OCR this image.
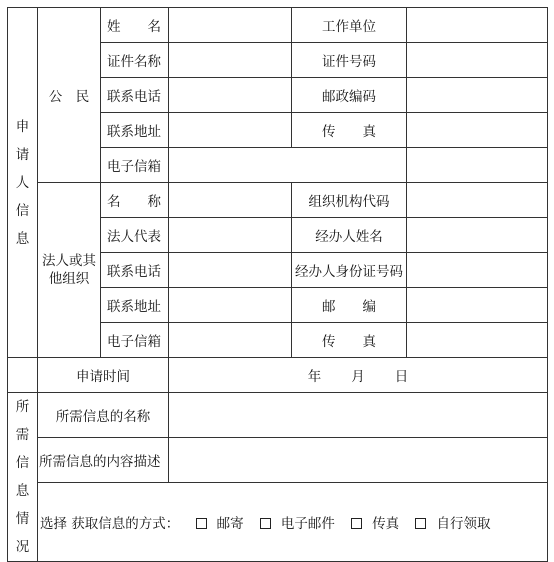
申请人信息	公　民	姓　　名		工作单位	
		证件名称		证件号码	
		联系电话		邮政编码	
		联系地址		传　　真	
		电子信箱			
	法人或其他组织	名　　称		组织机构代码	
		法人代表		经办人姓名	
		联系电话		经办人身份证号码	
		联系地址		邮　　编	
		电子信箱		传　　真	
	申请时间		年 月 日		
所需信息情况	所需信息的名称				
	所需信息的内容描述				

	选择 获取信息的方式： 邮寄 电子邮件 传真 自行领取				
